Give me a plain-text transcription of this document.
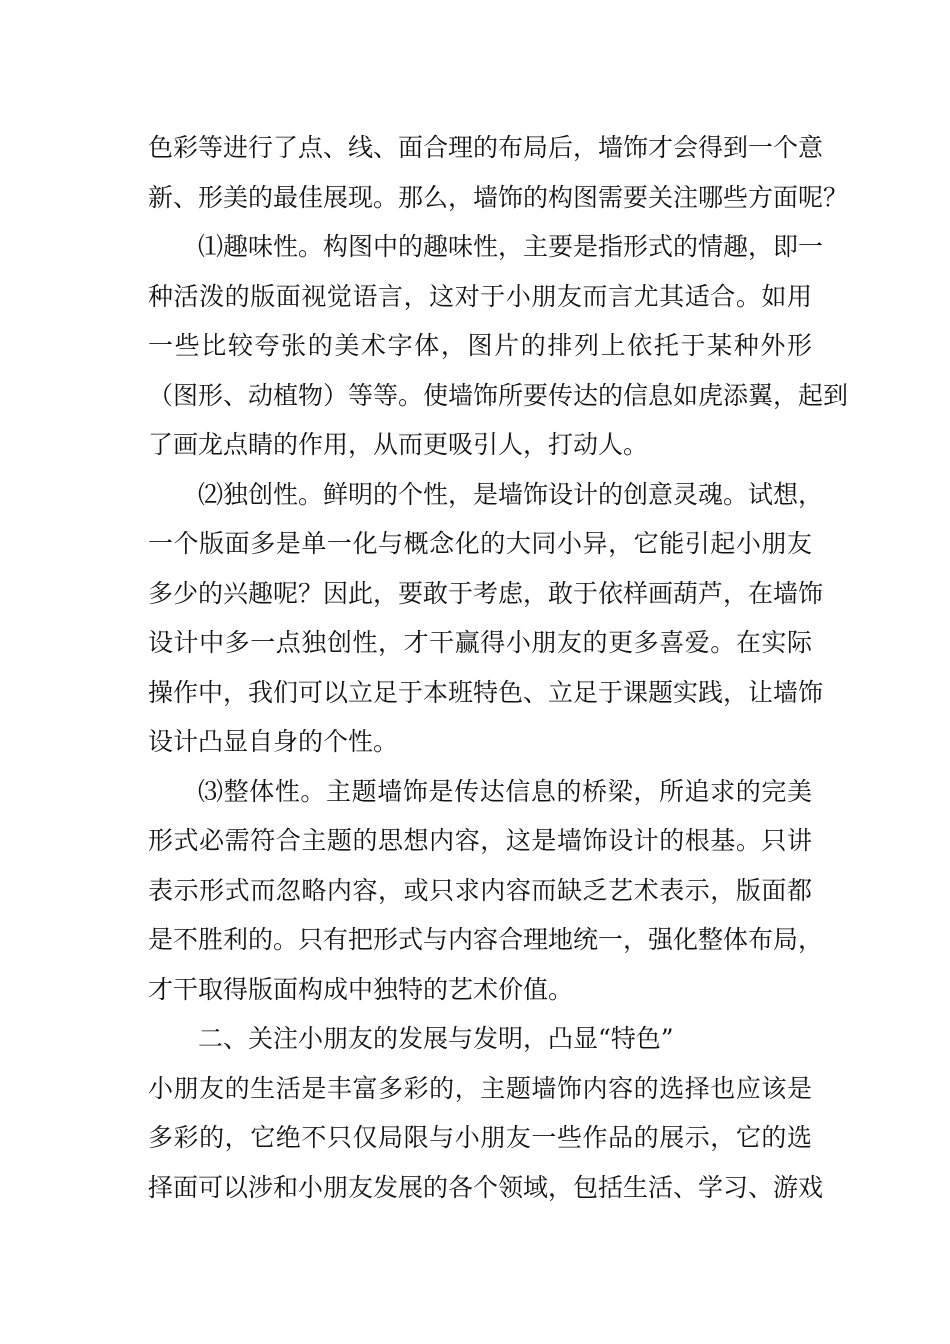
色彩等进行了点、线、面合理的布局后，墙饰才会得到一个意
新、形美的最佳展现。那么，墙饰的构图需要关注哪些方面呢？
⑴趣味性。构图中的趣味性，主要是指形式的情趣，即一
种活泼的版面视觉语言，这对于小朋友而言尤其适合。如用
一些比较夸张的美术字体，图片的排列上依托于某种外形
（图形、动植物）等等。使墙饰所要传达的信息如虎添翼，起到
了画龙点睛的作用，从而更吸引人，打动人。
⑵独创性。鲜明的个性，是墙饰设计的创意灵魂。试想，
一个版面多是单一化与概念化的大同小异，它能引起小朋友
多少的兴趣呢？因此，要敢于考虑，敢于依样画葫芦，在墙饰
设计中多一点独创性，才干赢得小朋友的更多喜爱。在实际
操作中，我们可以立足于本班特色、立足于课题实践，让墙饰
设计凸显自身的个性。
⑶整体性。主题墙饰是传达信息的桥梁，所追求的完美
形式必需符合主题的思想内容，这是墙饰设计的根基。只讲
表示形式而忽略内容，或只求内容而缺乏艺术表示，版面都
是不胜利的。只有把形式与内容合理地统一，强化整体布局，
才干取得版面构成中独特的艺术价值。
二、关注小朋友的发展与发明，凸显“特色”
小朋友的生活是丰富多彩的，主题墙饰内容的选择也应该是
多彩的，它绝不只仅局限与小朋友一些作品的展示，它的选
择面可以涉和小朋友发展的各个领域，包括生活、学习、游戏
